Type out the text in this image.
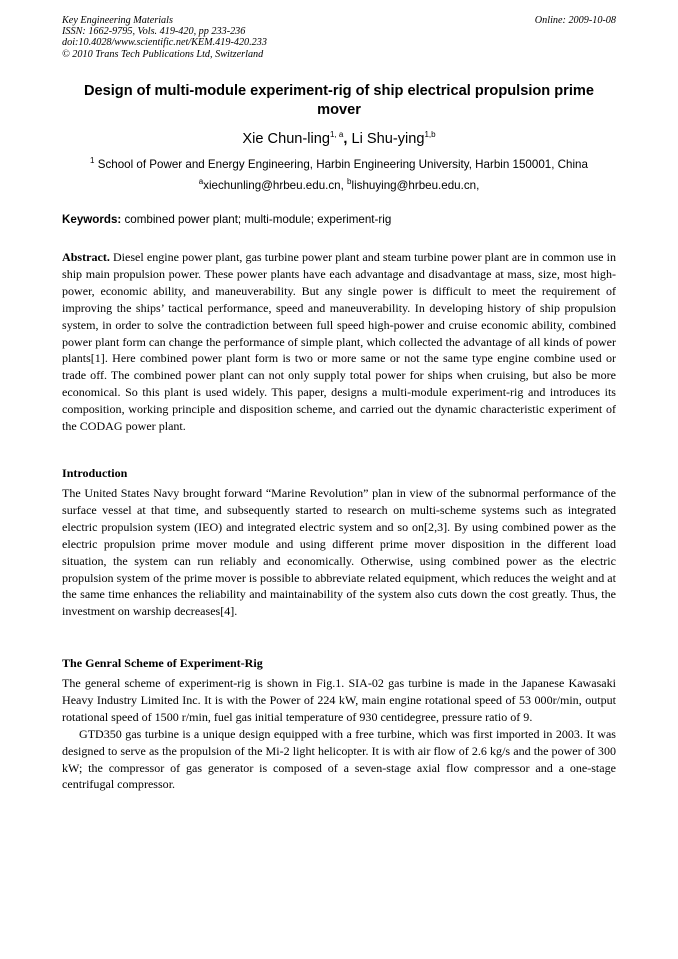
Key Engineering Materials
ISSN: 1662-9795, Vols. 419-420, pp 233-236
doi:10.4028/www.scientific.net/KEM.419-420.233
© 2010 Trans Tech Publications Ltd, Switzerland
Online: 2009-10-08
Design of multi-module experiment-rig of ship electrical propulsion prime mover
Xie Chun-ling$^{1, a}$, Li Shu-ying$^{1,b}$
$^1$ School of Power and Energy Engineering, Harbin Engineering University, Harbin 150001, China
$^a$xiechunling@hrbeu.edu.cn, $^b$lishuying@hrbeu.edu.cn,
Keywords: combined power plant; multi-module; experiment-rig

Abstract. Diesel engine power plant, gas turbine power plant and steam turbine power plant are in common use in ship main propulsion power. These power plants have each advantage and disadvantage at mass, size, most high-power, economic ability, and maneuverability. But any single power is difficult to meet the requirement of improving the ships’ tactical performance, speed and maneuverability. In developing history of ship propulsion system, in order to solve the contradiction between full speed high-power and cruise economic ability, combined power plant form can change the performance of simple plant, which collected the advantage of all kinds of power plants[1]. Here combined power plant form is two or more same or not the same type engine combine used or trade off. The combined power plant can not only supply total power for ships when cruising, but also be more economical. So this plant is used widely. This paper, designs a multi-module experiment-rig and introduces its composition, working principle and disposition scheme, and carried out the dynamic characteristic experiment of the CODAG power plant.

Introduction

The United States Navy brought forward “Marine Revolution” plan in view of the subnormal performance of the surface vessel at that time, and subsequently started to research on multi-scheme systems such as integrated electric propulsion system (IEO) and integrated electric system and so on[2,3]. By using combined power as the electric propulsion prime mover module and using different prime mover disposition in the different load situation, the system can run reliably and economically. Otherwise, using combined power as the electric propulsion system of the prime mover is possible to abbreviate related equipment, which reduces the weight and at the same time enhances the reliability and maintainability of the system also cuts down the cost greatly. Thus, the investment on warship decreases[4].

The Genral Scheme of Experiment-Rig

The general scheme of experiment-rig is shown in Fig.1. SIA-02 gas turbine is made in the Japanese Kawasaki Heavy Industry Limited Inc. It is with the Power of 224 kW, main engine rotational speed of 53 000r/min, output rotational speed of 1500 r/min, fuel gas initial temperature of 930 centidegree, pressure ratio of 9.

GTD350 gas turbine is a unique design equipped with a free turbine, which was first imported in 2003. It was designed to serve as the propulsion of the Mi-2 light helicopter. It is with air flow of 2.6 kg/s and the power of 300 kW; the compressor of gas generator is composed of a seven-stage axial flow compressor and a one-stage centrifugal compressor.
